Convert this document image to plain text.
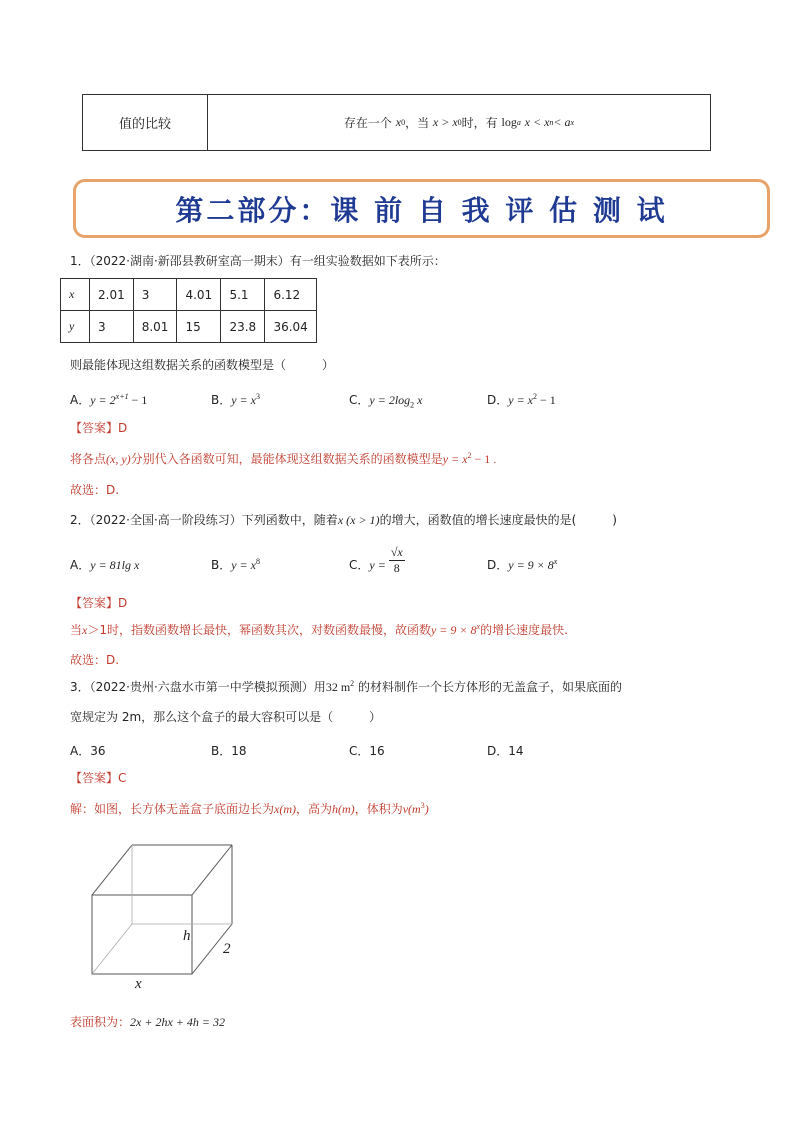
值的比较	存在一个
x 0 ，当
x > x 0 时，有
log a
x < x n < a x
第二部分：课 前 自 我 评 估 测 试
1．（2022·湖南·新邵县教研室高一期末）有一组实验数据如下表所示：
x	2.01	3	4.01	5.1	6.12
y	3	8.01	15	23.8	36.04
则最能体现这组数据关系的函数模型是（　　　）
A．$y = 2^{x+1} - 1$	B．$y = x^3$	C．$y = 2\log_2$ x	D．$y = x^2 - 1$
【答案】D
将各点(x, y)分别代入各函数可知，最能体现这组数据关系的函数模型是$y = x^2 - 1$ .
故选：D.
2．（2022·全国·高一阶段练习）下列函数中，随着x (x > 1)的增大，函数值的增长速度最快的是(　　　)
A．y = 81lg x	B．$y = x^8$	C．$y = \frac{√x}{8}$	D．$y = 9 \times 8^x$
【答案】D
当x＞1时，指数函数增长最快，幂函数其次，对数函数最慢，故函数$y = 9 \times 8^x$的增长速度最快.
故选：D.
3．（2022·贵州·六盘水市第一中学模拟预测）用32 $m^2$ 的材料制作一个长方体形的无盖盒子，如果底面的
宽规定为 2m，那么这个盒子的最大容积可以是（　　　）
A．36	B．18	C．16	D．14
【答案】C
解：如图，长方体无盖盒子底面边长为x(m)，高为h(m)，体积为$v(m^3)$
h
2
x
表面积为：2x + 2hx + 4h = 32
